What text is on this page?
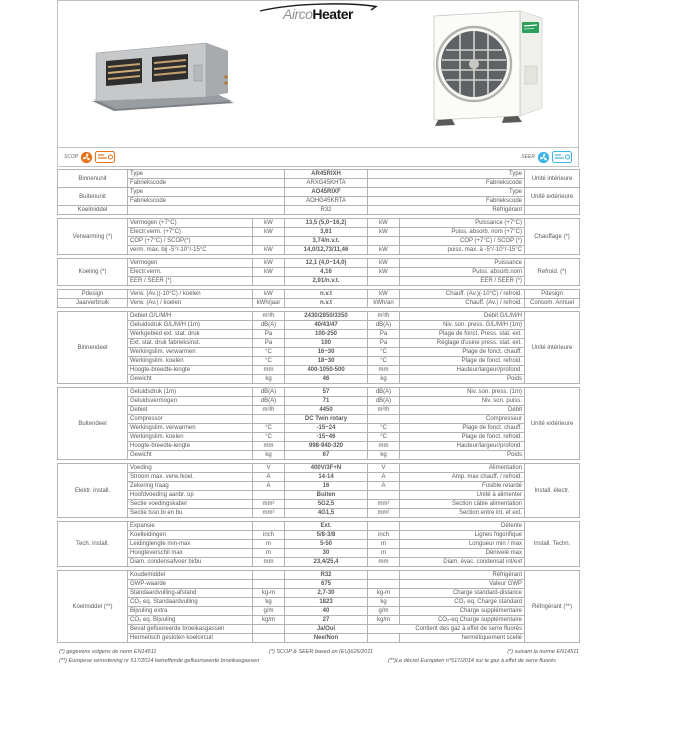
AircoHeater
SCOP	SEER
Binnenunit	Type	AR45RIXH	Type	Unité intérieure
	Fabriekscode	ARXG45KHTA	Fabriekscode	
Buitenunit	Type	AO45RIXF	Type	Unité extérieure
	Fabriekscode	AOHG45KRTA	Fabriekscode	
Koelmiddel		R32	Réfrigérant	
Verwarming (*)	Vermogen (+7°C)	kW	13,5 (5,0~16,2)	kW	Puissance (+7°C)	Chauffage (*)
	Electr.verm. (+7°C)	kW	3,61	kW	Puiss. absorb. nom (+7°C)	
	COP (+7°C) / SCOP(*)		3,74/n.v.t.		COP (+7°C) / SCOP (*)	
	verm. max. bij -5°/-10°/-15°C	kW	14,0/12,73/11,46	kW	puiss. max. à -5°/-10°/-15°C	
Koeling (*)	Vermogen	kW	12,1 (4,0~14,0)	kW	Puissance	Refroid. (*)
	Electr.verm.	kW	4,16	kW	Puiss. absorb.nom	
	EER / SEER (*)		2,91/n.v.t.		EER / SEER (*)	
Pdesign	Verw. (Av.)(-10°C) / koelen	kW	n.v.t	kW	Chauff. (Av.)(-10°C) / refroid.	Pdesign
Jaarverbruik	Verw. (Av.) / koelen	kWh/jaar	n.v.t	kWh/an	Chauff. (Av.) / refroid.	Consom. Annuel
Binnendeel	Debiet G/L/M/H	m³/h	2430/2850/3350	m³/h	Débit G/L/M/H	Unité intérieure
	Geluidsdruk G/L/M/H (1m)	dB(A)	40/43/47	dB(A)	Niv. son. press. G/L/M/H (1m)	
	Werkgebied ext. stat. druk	Pa	100-250	Pa	Plage de fonct. Press. stat. ext.	
	Ext. stat. druk fabrieksinst.	Pa	100	Pa	Réglage d'usine press. stat. ext.	
	Werkingslim. verwarmen	°C	16~30	°C	Plage de fonct. chauff.	
	Werkingslim. koelen	°C	18~30	°C	Plage de fonct. refroid.	
	Hoogte-breedte-lengte	mm	400-1050-500	mm	Hauteur/largeur/profond.	
	Gewicht	kg	46	kg	Poids	
Buitendeel	Geluidsdruk (1m)	dB(A)	57	dB(A)	Niv. son. press. (1m)	Unité extérieure
	Geluidsvermogen	dB(A)	71	dB(A)	Niv. son. puiss.	
	Debiet	m³/h	4450	m³/h	Débit	
	Compressor		DC Twin rotary		Compresseur	
	Werkingslim. verwarmen	°C	-15~24	°C	Plage de fonct. chauff.	
	Werkingslim. koelen	°C	-15~46	°C	Plage de fonct. refroid.	
	Hoogte-breedte-lengte	mm	998-940-320	mm	Hauteur/largeur/profond.	
	Gewicht	kg	67	kg	Poids	
Elektr. install.	Voeding	V	400V/3F+N	V	Alimentation	Install. électr.
	Stroom max. verw./koel.	A	14-14	A	Amp. max chauff. / refroid.	
	Zekering traag	A	16	A	Fusible retardé	
	Hoofdvoeding aanbr. op		Buiten		Unité à alimenter	
	Sectie voedingskabel	mm²	5G2,5	mm²	Section câble alimentation	
	Sectie tssn bi en bu	mm²	4G1,5	mm²	Section entre int. et ext.	
Tech. install.	Expansie		Ext.		Détente	Install. Techn.
	Koelleidingen	inch	5/8-3/8	inch	Lignes frigorifique	
	Leidinglengte min-max	m	5-50	m	Longueur min / max	
	Hoogteverschil max	m	30	m	Dénivelé max	
	Diam. condensafvoer bi/bu	mm	23,4/25,4	mm	Diam. évac. condensat int/ext	
Koelmiddel (**)	Koudemiddel		R32		Réfrigérant	Réfrigérant (**)
	GWP-waarde		675		Valeur GWP	
	Standaardvulling-afstand	kg-m	2,7-30	kg-m	Charge standard-distance	
	CO₂ eq. Standaardvulling	kg	1823	kg	CO₂ eq. Charge standard	
	Bijvuling extra	g/m	40	g/m	Charge supplémentaire	
	CO₂ eq. Bijvuling	kg/m	27	kg/m	CO₂-eq Charge supplémentaire	
	Bevat gefluoreerde broeikasgassen		Ja/Oui	Contient des gaz à effet de serre fluorés		
	Hermetisch gesloten koelcircuit		Nee/Non		hermétiquement scellé	
(*) gegevens volgens de norm EN14511	(*) SCOP & SEER based on (EU)626/2011	(*) suivant la norme EN14511
(**) Europese verordening nr 517/2014 betreffende gefluoriseerde broeikasgassen	(**)Le décret Européen n°517/2014 sur le gaz à effet de serre fluorés
